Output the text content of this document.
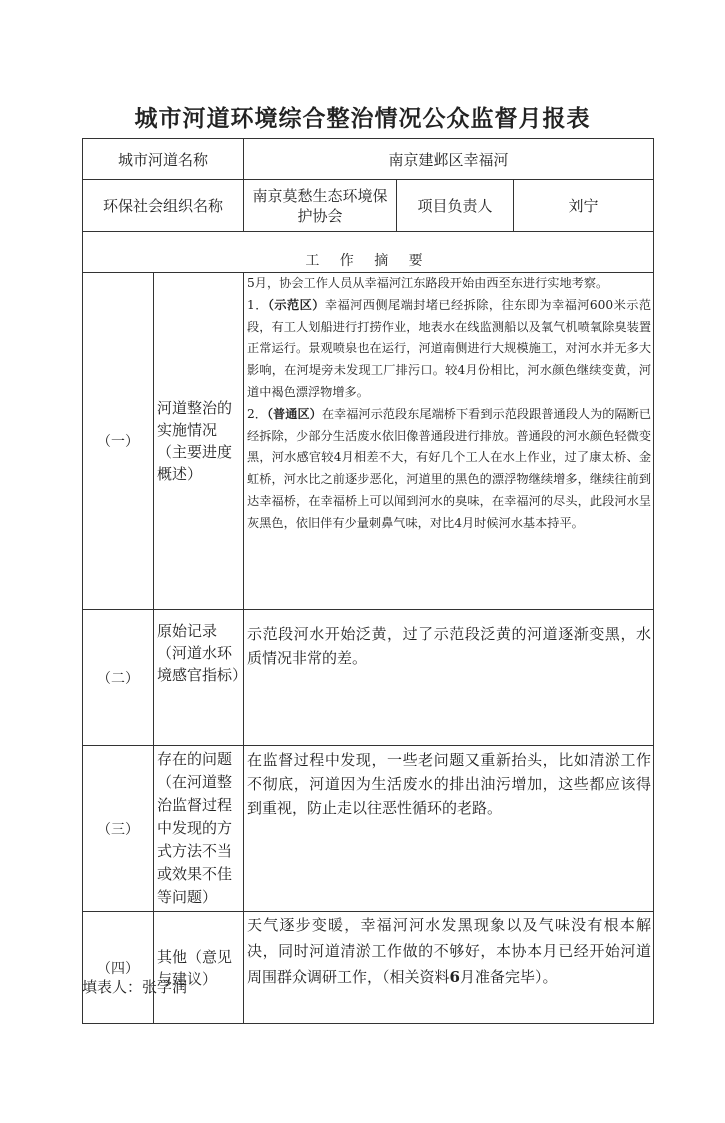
城市河道环境综合整治情况公众监督月报表
城市河道名称		南京建邺区幸福河		
环保社会组织名称		南京莫愁生态环境保护协会	项目负责人	刘宁
工 作 摘 要				
（一）	河道整治的实施情况（主要进度概述）	5月，协会工作人员从幸福河江东路段开始由西至东进行实地考察。

1．（示范区）幸福河西侧尾端封堵已经拆除，往东即为幸福河600米示范段，有工人划船进行打捞作业，地表水在线监测船以及氧气机喷氧除臭装置正常运行。景观喷泉也在运行，河道南侧进行大规模施工，对河水并无多大影响，在河堤旁未发现工厂排污口。较4月份相比，河水颜色继续变黄，河道中褐色漂浮物增多。

2．（普通区）在幸福河示范段东尾端桥下看到示范段跟普通段人为的隔断已经拆除，少部分生活废水依旧像普通段进行排放。普通段的河水颜色轻微变黑，河水感官较4月相差不大，有好几个工人在水上作业，过了康太桥、金虹桥，河水比之前逐步恶化，河道里的黑色的漂浮物继续增多，继续往前到达幸福桥，在幸福桥上可以闻到河水的臭味，在幸福河的尽头，此段河水呈灰黑色，依旧伴有少量刺鼻气味，对比4月时候河水基本持平。		

（二）	原始记录（河道水环境感官指标）	示范段河水开始泛黄，过了示范段泛黄的河道逐渐变黑，水质情况非常的差。		
（三）	存在的问题（在河道整治监督过程中发现的方式方法不当或效果不佳等问题）	在监督过程中发现，一些老问题又重新抬头，比如清淤工作不彻底，河道因为生活废水的排出油污增加，这些都应该得到重视，防止走以往恶性循环的老路。		
（四）	其他（意见与建议）	天气逐步变暖，幸福河河水发黑现象以及气味没有根本解决，同时河道清淤工作做的不够好，本协本月已经开始河道周围群众调研工作，（相关资料6月准备完毕）。		
填表人：张学润
